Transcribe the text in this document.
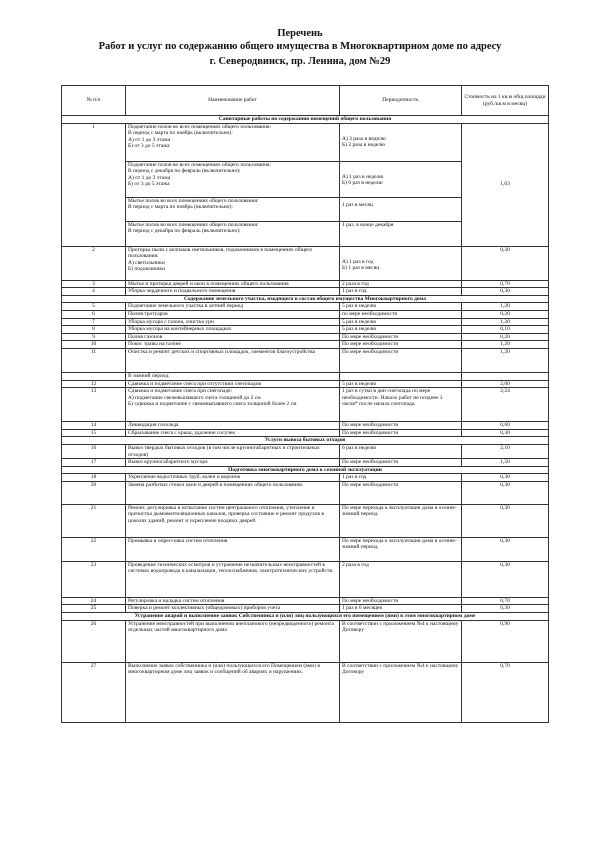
Перечень
Работ и услуг по содержанию общего имущества в Многоквартирном доме по адресу
г. Северодвинск, пр. Ленина, дом №29
№ п/п	Наименование работ	Периодичность	Стоимость на 1 кв.м общ.площади (руб./кв.м в месяц)
Санитарные работы по содержанию помещений общего пользования			
1	Подметание полов во всех помещениях общего пользования:
В период с марта по ноябрь (включительно):
А) от 1 до 3 этажа
Б) от 3 до 5 этажа	А) 3 раза в неделю
Б) 2 раза в неделю	1,63

	Подметание полов во всех помещениях общего пользования:
В период с декабря по февраль (включительно):
А) от 1 до 3 этажа
Б) от 3 до 5 этажа	А) 1 раз в неделю
Б) 0 раз в неделю	

	Мытье полов во всех помещениях общего пользования:
В период с марта по ноябрь (включительно):	1 раз в месяц	

	Мытье полов во всех помещениях общего пользования:
В период с декабря по февраль (включительно):	1 раз, в конце декабря	

2	Протирка пыли с колпаков светильников, подоконников в помещениях общего пользования:
А) светильники
Б) подоконники	А) 1 раз в год
Б) 1 раз в месяц	0,30
3	Мытье и протирка дверей и окон в помещениях общего пользования	2 раза в год	0,70
4	Уборка чердачного и подвального помещения	1 раз в год	0,30
Содержание земельного участка, входящего в состав общего имущества Многоквартирного дома			
5	Подметание земельного участка в летний период	5 раз в неделю	1,20
6	Полив тротуаров	по мере необходимости	0,20
7	Уборка мусора с газона, очистка урн	5 раз в неделю	1,20
8	Уборка мусора на контейнерных площадках	5 раз в неделю	0,10
9	Полив газонов	По мере необходимости	0,20
10	Покос травы на газоне	По мере необходимости	1,20
11	Очистка и ремонт детских и спортивных площадок, элементов благоустройства	По мере необходимости	1,20
	В зимний период:		
12	Сдвижка и подметание снега при отсутствии снегопадов	5 раз в неделю	2,00
13	Сдвижка и подметание снега при снегопаде:
А) подметание свежевыпавшего снега толщиной до 2 см
Б) сдвижка и подметание с свежевыпавшего снега толщиной более 2 см	1 раз в сутки в дни снегопада по мере необходимости. Начало работ не позднее 3 часов* после начала снегопада.	2,24
14	Ликвидация гололеда	По мере необходимости	0,60
15	Сбрасывание снега с крыш, удаление сосулек	По мере необходимости	0,30
Услуги вывоза бытовых отходов			
16	Вывоз твердых бытовых отходов (в том числе крупногабаритных и строительных отходов)	6 раз в неделю	2,10
17	Вывоз крупногабаритного мусора	По мере необходимости	1,50
Подготовка многоквартирного дома к сезонной эксплуатации			
18	Укрепление водосточных труб, колен и воронок	1 раз в год	0,30
20	Замена разбитых стекол окон и дверей в помещениях общего пользования.	По мере необходимости	0,30
21	Ремонт, регулировка и испытание систем центрального отопления, утепление и прочистка дымовентиляционных каналов, проверка состояние и ремонт продухов в цоколях зданий, ремонт и укрепление входных дверей.	По мере перехода к эксплуатации дома в осенне-зимний период.	0,30
22	Промывка и опрессовка систем отопления	По мере перехода к эксплуатации дома в осенне-зимний период.	0,30
23	Проведение технических осмотров и устранение незначительных неисправностей в системах водопровода и канализации, теплоснабжения, электротехнических устройств.	2 раза в год	0,30
24	Регулировка и наладка систем отопления	По мере необходимости	0,70
25	Поверка и ремонт коллективных (общедомовых) приборов учета	1 раз в 6 месяцев	0,30
Устранение аварий и выполнение заявок Собственника и (или) лиц пользующихся его помещением (ями) в этом многоквартирном доме			
26	Устранение неисправностей при выполнении внепланового (непредвиденного) ремонта отдельных частей многоквартирного дома	В соответствии с приложением №4 к настоящему Договору	0,90
27	Выполнение заявок собственника и (или) пользующихся его Помещением (ями) в многоквартирном доме лиц заявок и сообщений об авариях и нарушениях.	В соответствии с приложением №4 к настоящему Договору	0,70
